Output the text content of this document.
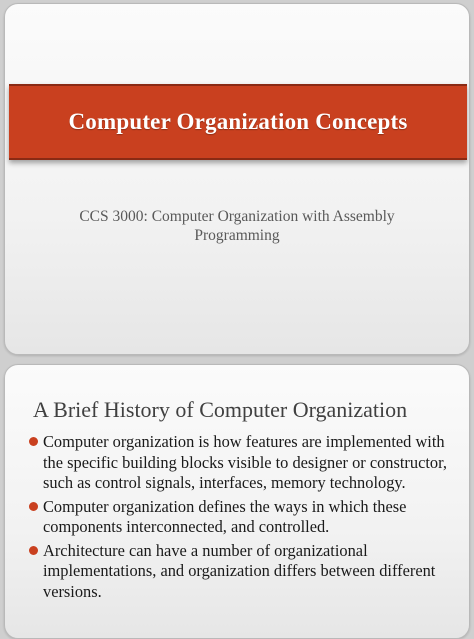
Computer Organization Concepts
CCS 3000: Computer Organization with Assembly Programming
A Brief History of Computer Organization
Computer organization is how features are implemented with the specific building blocks visible to designer or constructor, such as control signals, interfaces, memory technology.
Computer organization defines the ways in which these components interconnected, and controlled.
Architecture can have a number of organizational implementations, and organization differs between different versions.
